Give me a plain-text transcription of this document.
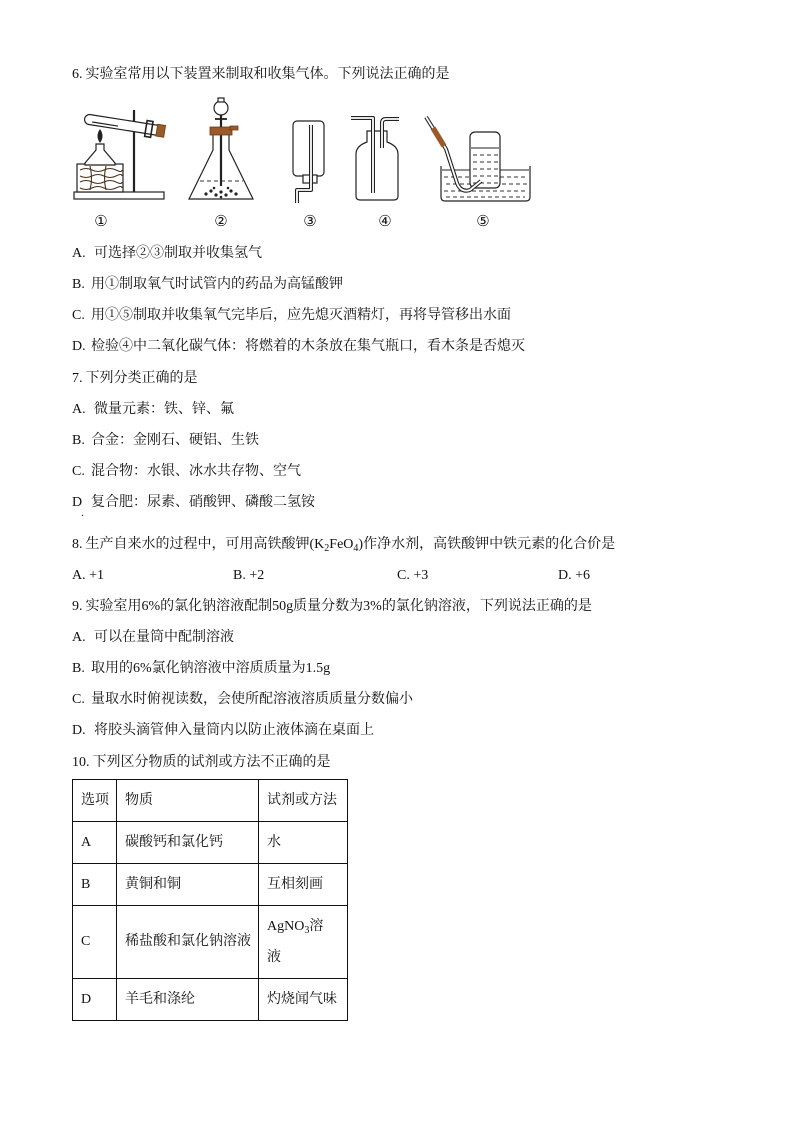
6. 实验室常用以下装置来制取和收集气体。下列说法正确的是
①	②	③	④	⑤
A. 可选择②③制取并收集氢气
B. 用①制取氧气时试管内的药品为高锰酸钾
C. 用①⑤制取并收集氧气完毕后，应先熄灭酒精灯，再将导管移出水面
D. 检验④中二氧化碳气体：将燃着的木条放在集气瓶口，看木条是否熄灭
7. 下列分类正确的是
A. 微量元素：铁、锌、氟
B. 合金：金刚石、硬铝、生铁
C. 混合物：水银、冰水共存物、空气
D 复合肥：尿素、硝酸钾、磷酸二氢铵
.
8. 生产自来水的过程中，可用高铁酸钾$(K_2FeO_4)$作净水剂，高铁酸钾中铁元素的化合价是
A. +1	B. +2	C. +3	D. +6
9. 实验室用6%的氯化钠溶液配制50g质量分数为3%的氯化钠溶液，下列说法正确的是
A. 可以在量筒中配制溶液
B. 取用的6%氯化钠溶液中溶质质量为1.5g
C. 量取水时俯视读数，会使所配溶液溶质质量分数偏小
D. 将胶头滴管伸入量筒内以防止液体滴在桌面上
10. 下列区分物质的试剂或方法不正确的是
选项	物质	试剂或方法
A	碳酸钙和氯化钙	水
B	黄铜和铜	互相刻画
C	稀盐酸和氯化钠溶液	AgNO$_3$溶液
D	羊毛和涤纶	灼烧闻气味
